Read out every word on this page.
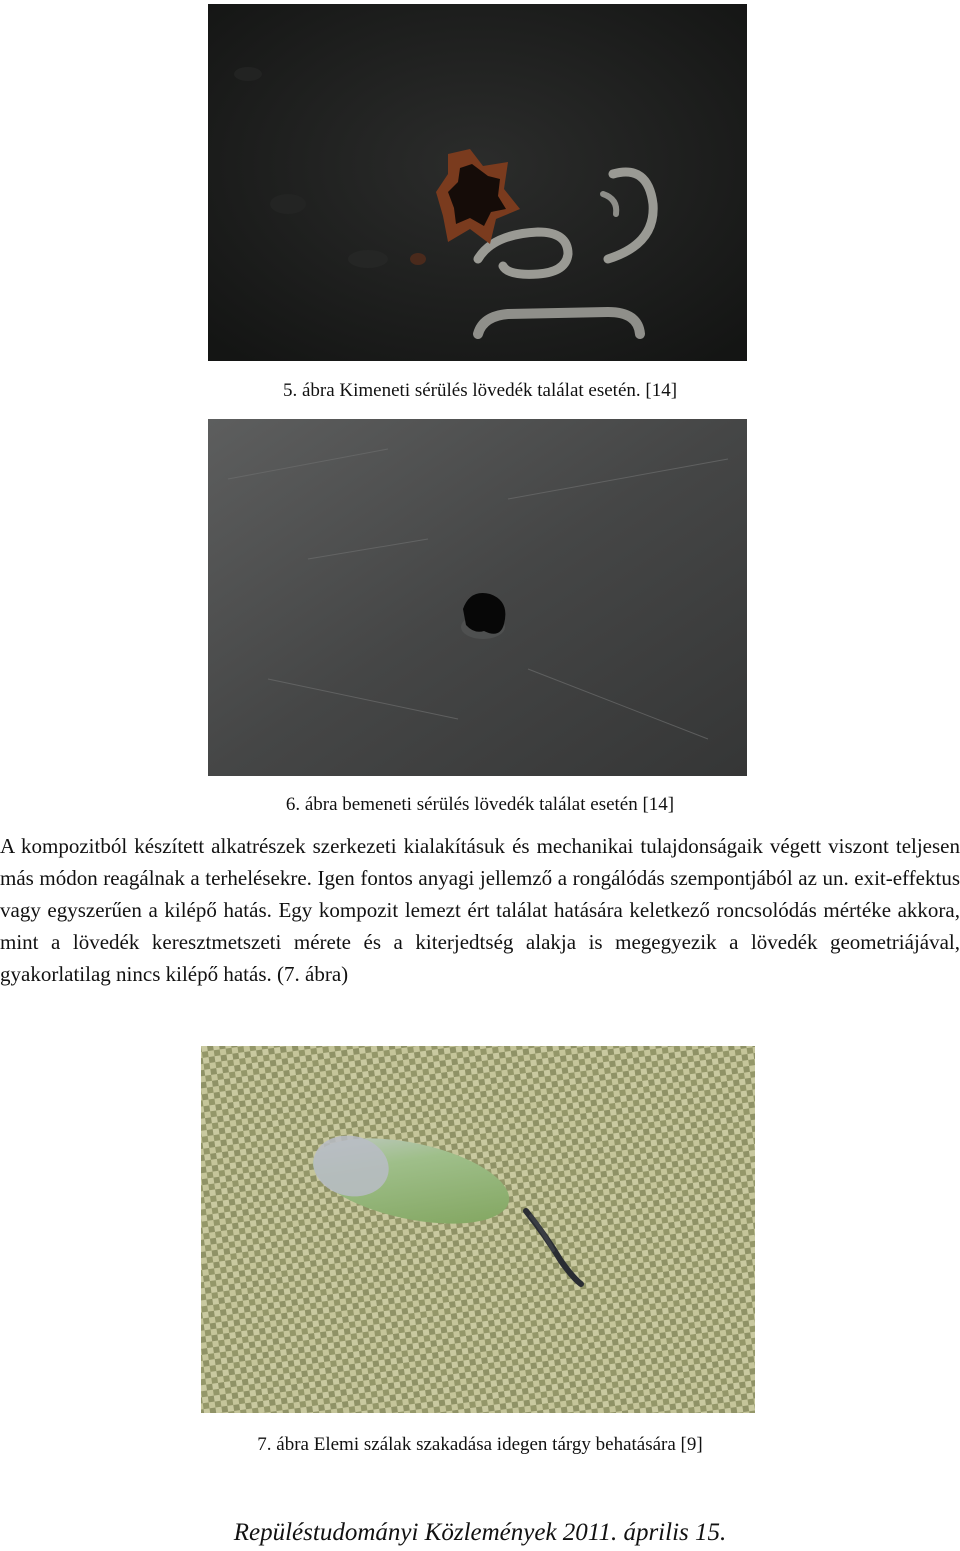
5. ábra Kimeneti sérülés lövedék találat esetén. [14]
6. ábra bemeneti sérülés lövedék találat esetén [14]

A kompozitból készített alkatrészek szerkezeti kialakításuk és mechanikai tulajdonságaik végett viszont teljesen más módon reagálnak a terhelésekre. Igen fontos anyagi jellemző a rongálódás szempontjából az un. exit-effektus vagy egyszerűen a kilépő hatás. Egy kompozit lemezt ért találat hatására keletkező roncsolódás mértéke akkora, mint a lövedék keresztmetszeti mérete és a kiterjedtség alakja is megegyezik a lövedék geometriájával, gyakorlatilag nincs kilépő hatás. (7. ábra)

7. ábra Elemi szálak szakadása idegen tárgy behatására [9]
Repüléstudományi Közlemények 2011. április 15.
